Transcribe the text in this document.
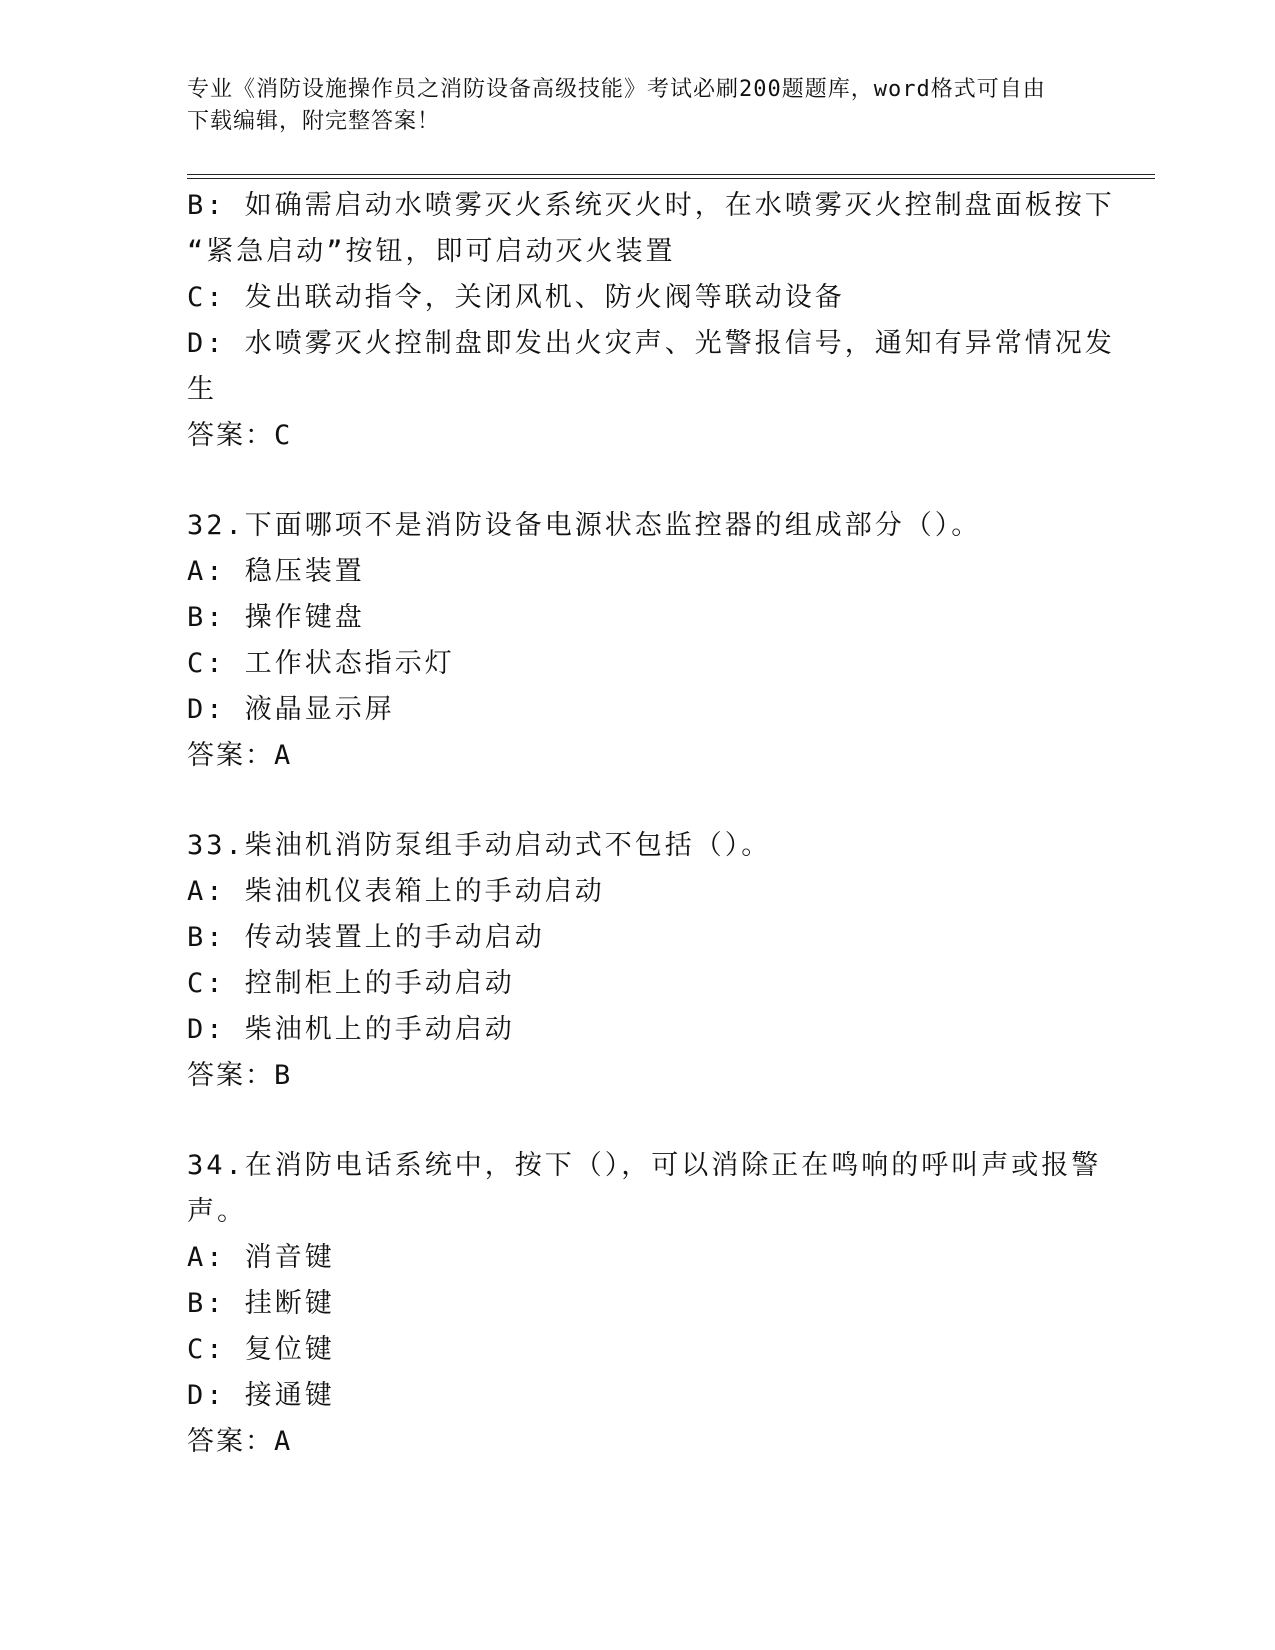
专业《消防设施操作员之消防设备高级技能》考试必刷200题题库，word格式可自由下载编辑，附完整答案！

B: 如确需启动水喷雾灭火系统灭火时，在水喷雾灭火控制盘面板按下
“紧急启动”按钮，即可启动灭火装置
C: 发出联动指令，关闭风机、防火阀等联动设备
D: 水喷雾灭火控制盘即发出火灾声、光警报信号，通知有异常情况发
生
答案：C
32.下面哪项不是消防设备电源状态监控器的组成部分（）。
A: 稳压装置
B: 操作键盘
C: 工作状态指示灯
D: 液晶显示屏
答案：A
33.柴油机消防泵组手动启动式不包括（）。
A: 柴油机仪表箱上的手动启动
B: 传动装置上的手动启动
C: 控制柜上的手动启动
D: 柴油机上的手动启动
答案：B
34.在消防电话系统中，按下（），可以消除正在鸣响的呼叫声或报警
声。
A: 消音键
B: 挂断键
C: 复位键
D: 接通键
答案：A
